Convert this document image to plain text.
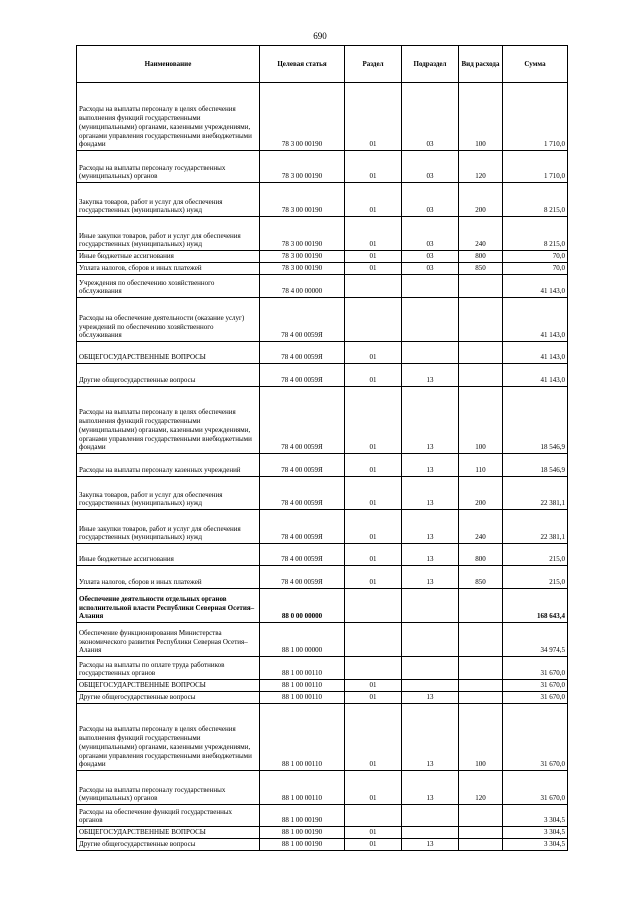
690
Наименование	Целевая статья	Раздел	Подраздел	Вид расхода	Сумма
Расходы на выплаты персоналу в целях обеспечения выполнения функций государственными (муниципальными) органами, казенными учреждениями, органами управления государственными внебюджетными фондами	78 3 00 00190	01	03	100	1 710,0
Расходы на выплаты персоналу государственных (муниципальных) органов	78 3 00 00190	01	03	120	1 710,0
Закупка товаров, работ и услуг для обеспечения государственных (муниципальных) нужд	78 3 00 00190	01	03	200	8 215,0
Иные закупки товаров, работ и услуг для обеспечения государственных (муниципальных) нужд	78 3 00 00190	01	03	240	8 215,0
Иные бюджетные ассигнования	78 3 00 00190	01	03	800	70,0
Уплата налогов, сборов и иных платежей	78 3 00 00190	01	03	850	70,0
Учреждения по обеспечению хозяйственного обслуживания	78 4 00 00000				41 143,0
Расходы на обеспечение деятельности (оказание услуг) учреждений по обеспечению хозяйственного обслуживания	78 4 00 0059Я				41 143,0
ОБЩЕГОСУДАРСТВЕННЫЕ ВОПРОСЫ	78 4 00 0059Я	01			41 143,0
Другие общегосударственные вопросы	78 4 00 0059Я	01	13		41 143,0
Расходы на выплаты персоналу в целях обеспечения выполнения функций государственными (муниципальными) органами, казенными учреждениями, органами управления государственными внебюджетными фондами	78 4 00 0059Я	01	13	100	18 546,9
Расходы на выплаты персоналу казенных учреждений	78 4 00 0059Я	01	13	110	18 546,9
Закупка товаров, работ и услуг для обеспечения государственных (муниципальных) нужд	78 4 00 0059Я	01	13	200	22 381,1
Иные закупки товаров, работ и услуг для обеспечения государственных (муниципальных) нужд	78 4 00 0059Я	01	13	240	22 381,1
Иные бюджетные ассигнования	78 4 00 0059Я	01	13	800	215,0
Уплата налогов, сборов и иных платежей	78 4 00 0059Я	01	13	850	215,0
Обеспечение деятельности отдельных органов исполнительной власти Республики Северная Осетия–Алания	88 0 00 00000				168 643,4
Обеспечение функционирования Министерства экономического развития Республики Северная Осетия–Алания	88 1 00 00000				34 974,5
Расходы на выплаты по оплате труда работников государственных органов	88 1 00 00110				31 670,0
ОБЩЕГОСУДАРСТВЕННЫЕ ВОПРОСЫ	88 1 00 00110	01			31 670,0
Другие общегосударственные вопросы	88 1 00 00110	01	13		31 670,0
Расходы на выплаты персоналу в целях обеспечения выполнения функций государственными (муниципальными) органами, казенными учреждениями, органами управления государственными внебюджетными фондами	88 1 00 00110	01	13	100	31 670,0
Расходы на выплаты персоналу государственных (муниципальных) органов	88 1 00 00110	01	13	120	31 670,0
Расходы на обеспечение функций государственных органов	88 1 00 00190				3 304,5
ОБЩЕГОСУДАРСТВЕННЫЕ ВОПРОСЫ	88 1 00 00190	01			3 304,5
Другие общегосударственные вопросы	88 1 00 00190	01	13		3 304,5
